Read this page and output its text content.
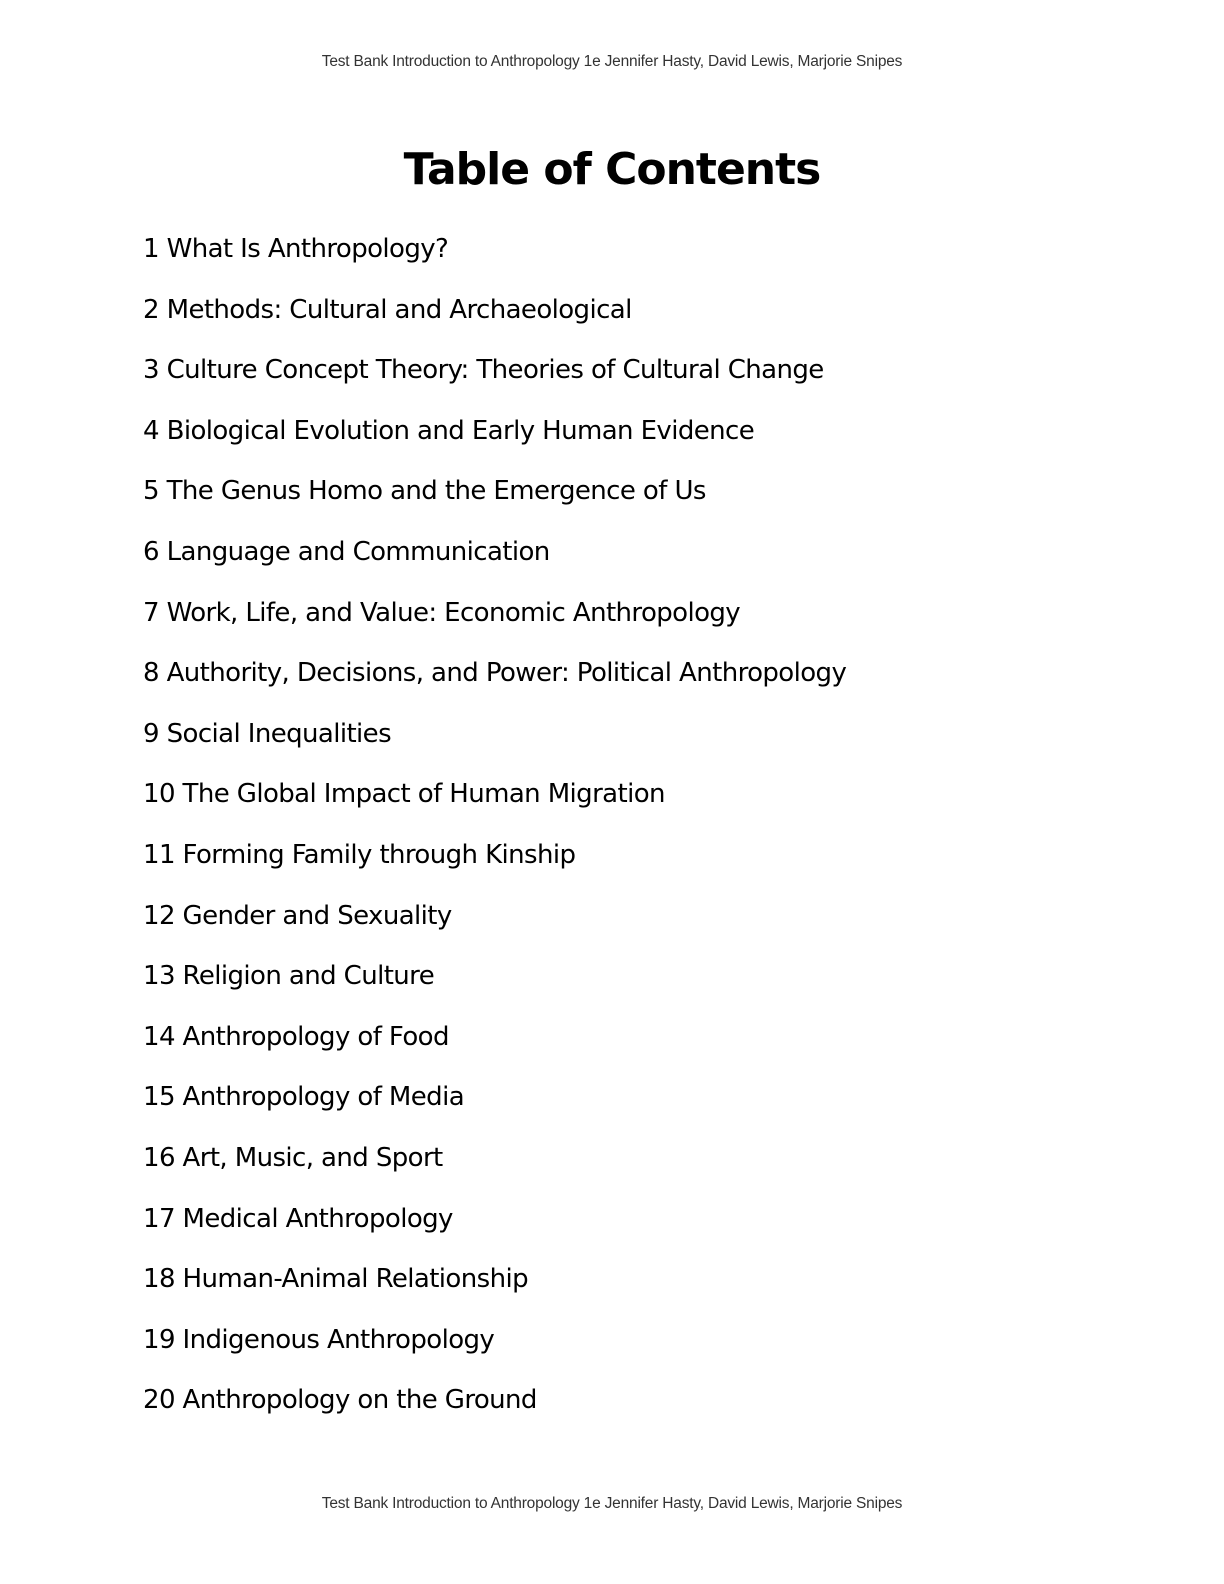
Test Bank Introduction to Anthropology 1e Jennifer Hasty, David Lewis, Marjorie Snipes
Table of Contents
1 What Is Anthropology?
2 Methods: Cultural and Archaeological
3 Culture Concept Theory: Theories of Cultural Change
4 Biological Evolution and Early Human Evidence
5 The Genus Homo and the Emergence of Us
6 Language and Communication
7 Work, Life, and Value: Economic Anthropology
8 Authority, Decisions, and Power: Political Anthropology
9 Social Inequalities
10 The Global Impact of Human Migration
11 Forming Family through Kinship
12 Gender and Sexuality
13 Religion and Culture
14 Anthropology of Food
15 Anthropology of Media
16 Art, Music, and Sport
17 Medical Anthropology
18 Human-Animal Relationship
19 Indigenous Anthropology
20 Anthropology on the Ground
Test Bank Introduction to Anthropology 1e Jennifer Hasty, David Lewis, Marjorie Snipes
